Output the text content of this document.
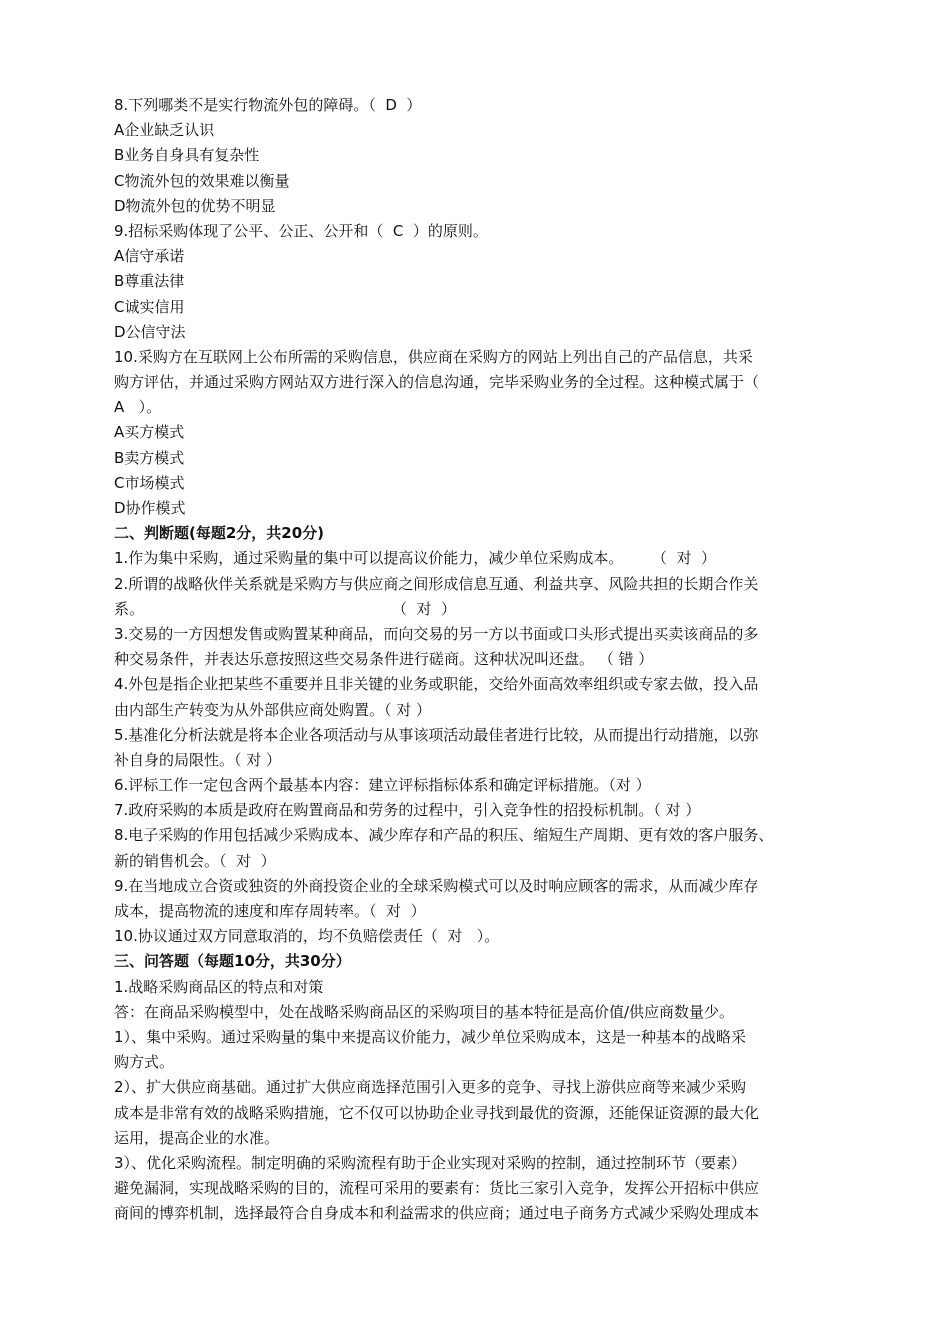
8.下列哪类不是实行物流外包的障碍。（  D  ）
A企业缺乏认识
B业务自身具有复杂性
C物流外包的效果难以衡量
D物流外包的优势不明显
9.招标采购体现了公平、公正、公开和（  C  ）的原则。
A信守承诺
B尊重法律
C诚实信用
D公信守法
10.采购方在互联网上公布所需的采购信息，供应商在采购方的网站上列出自己的产品信息，共采
购方评估，并通过采购方网站双方进行深入的信息沟通，完毕采购业务的全过程。这种模式属于（
A   ）。
A买方模式
B卖方模式
C市场模式
D协作模式
二、判断题(每题2分，共20分)
1.作为集中采购，通过采购量的集中可以提高议价能力，减少单位采购成本。      （  对  ）
2.所谓的战略伙伴关系就是采购方与供应商之间形成信息互通、利益共享、风险共担的长期合作关
系。                                                    （  对  ）
3.交易的一方因想发售或购置某种商品，而向交易的另一方以书面或口头形式提出买卖该商品的多
种交易条件，并表达乐意按照这些交易条件进行磋商。这种状况叫还盘。 （ 错 ）
4.外包是指企业把某些不重要并且非关键的业务或职能，交给外面高效率组织或专家去做，投入品
由内部生产转变为从外部供应商处购置。（ 对 ）
5.基准化分析法就是将本企业各项活动与从事该项活动最佳者进行比较，从而提出行动措施，以弥
补自身的局限性。（ 对 ）
6.评标工作一定包含两个最基本内容：建立评标指标体系和确定评标措施。（对 ）
7.政府采购的本质是政府在购置商品和劳务的过程中，引入竞争性的招投标机制。（ 对 ）
8.电子采购的作用包括减少采购成本、减少库存和产品的积压、缩短生产周期、更有效的客户服务、
新的销售机会。（  对  ）
9.在当地成立合资或独资的外商投资企业的全球采购模式可以及时响应顾客的需求，从而减少库存
成本，提高物流的速度和库存周转率。（  对  ）
10.协议通过双方同意取消的，均不负赔偿责任（  对   ）。
三、问答题（每题10分，共30分）
1.战略采购商品区的特点和对策
答：在商品采购模型中，处在战略采购商品区的采购项目的基本特征是高价值/供应商数量少。
1）、集中采购。通过采购量的集中来提高议价能力，减少单位采购成本，这是一种基本的战略采
购方式。
2）、扩大供应商基础。通过扩大供应商选择范围引入更多的竞争、寻找上游供应商等来减少采购
成本是非常有效的战略采购措施，它不仅可以协助企业寻找到最优的资源，还能保证资源的最大化
运用，提高企业的水准。
3）、优化采购流程。制定明确的采购流程有助于企业实现对采购的控制，通过控制环节（要素）
避免漏洞，实现战略采购的目的，流程可采用的要素有：货比三家引入竞争，发挥公开招标中供应
商间的博弈机制，选择最符合自身成本和利益需求的供应商；通过电子商务方式减少采购处理成本
